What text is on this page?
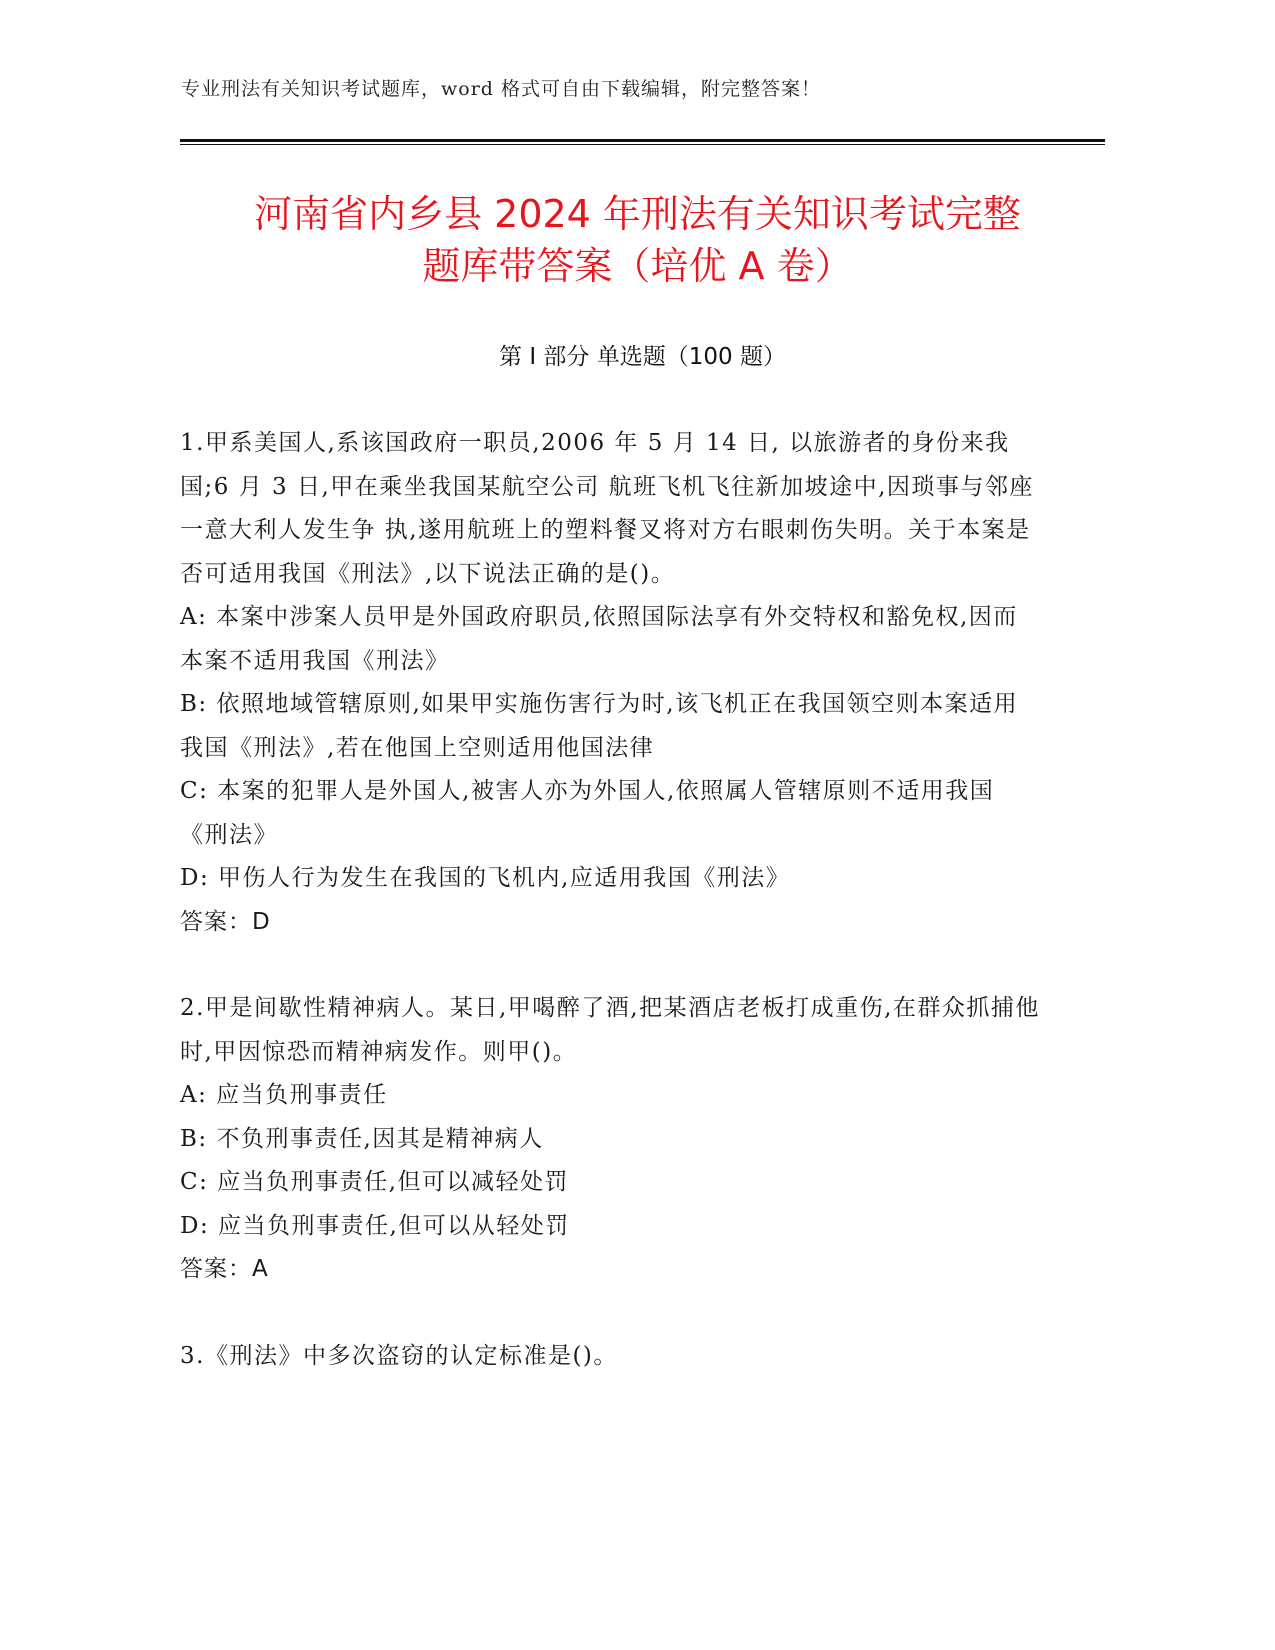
专业刑法有关知识考试题库，word 格式可自由下载编辑，附完整答案！
河南省内乡县 2024 年刑法有关知识考试完整
题库带答案（培优 A 卷）
第 I 部分 单选题（100 题）

1.甲系美国人,系该国政府一职员,2006 年 5 月 14 日, 以旅游者的身份来我国;6 月 3 日,甲在乘坐我国某航空公司 航班飞机飞往新加坡途中,因琐事与邻座一意大利人发生争 执,遂用航班上的塑料餐叉将对方右眼刺伤失明。关于本案是否可适用我国《刑法》,以下说法正确的是()。

A: 本案中涉案人员甲是外国政府职员,依照国际法享有外交特权和豁免权,因而本案不适用我国《刑法》

B: 依照地域管辖原则,如果甲实施伤害行为时,该飞机正在我国领空则本案适用我国《刑法》,若在他国上空则适用他国法律

C: 本案的犯罪人是外国人,被害人亦为外国人,依照属人管辖原则不适用我国《刑法》

D: 甲伤人行为发生在我国的飞机内,应适用我国《刑法》

答案：D

2.甲是间歇性精神病人。某日,甲喝醉了酒,把某酒店老板打成重伤,在群众抓捕他时,甲因惊恐而精神病发作。则甲()。

A: 应当负刑事责任

B: 不负刑事责任,因其是精神病人

C: 应当负刑事责任,但可以减轻处罚

D: 应当负刑事责任,但可以从轻处罚

答案：A

3.《刑法》中多次盗窃的认定标准是()。
